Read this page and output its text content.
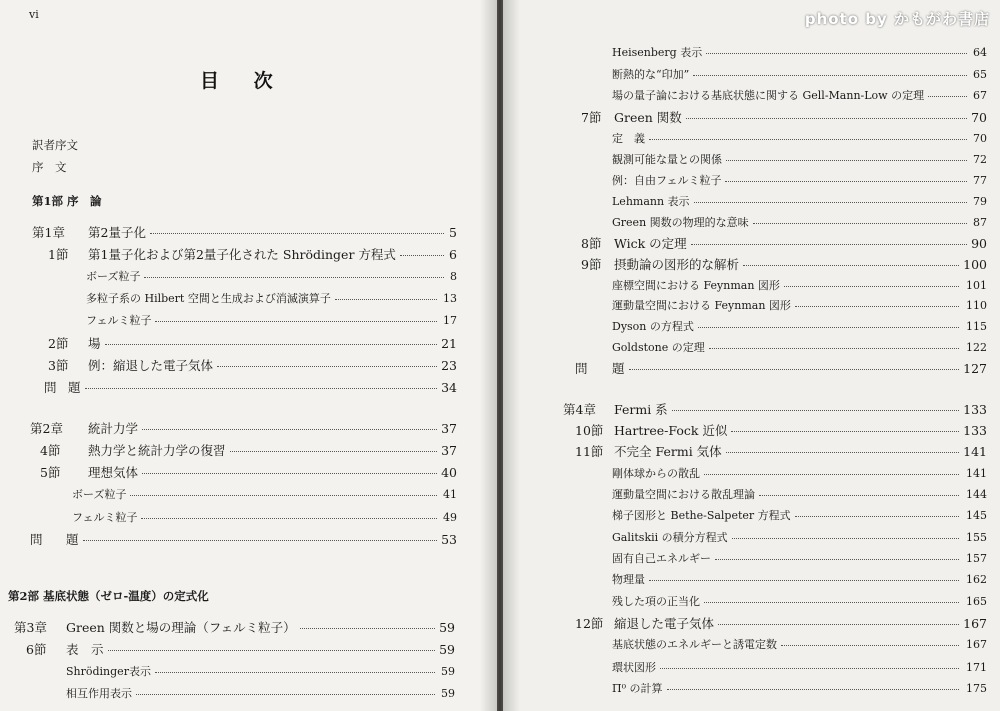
vi
目 次
訳者序文
序　文
第1部 序　論
第1章 第2量子化	5
1節 第1量子化および第2量子化された Shrödinger 方程式	6
ボーズ粒子	8
多粒子系の Hilbert 空間と生成および消滅演算子	13
フェルミ粒子	17
2節 場	21
3節 例：縮退した電子気体	23
問 題	34
第2章 統計力学	37
4節 熱力学と統計力学の復習	37
5節 理想気体	40
ボーズ粒子	41
フェルミ粒子	49
問 題	53
第2部 基底状態（ゼロ-温度）の定式化
第3章 Green 関数と場の理論（フェルミ粒子）	59
6節 表　示	59
Shrödinger表示	59
相互作用表示	59
photo by かもがわ書店
Heisenberg 表示	64
断熱的な“印加”	65
場の量子論における基底状態に関する Gell-Mann-Low の定理	67
7節 Green 関数	70
定　義	70
観測可能な量との関係	72
例：自由フェルミ粒子	77
Lehmann 表示	79
Green 関数の物理的な意味	87
8節 Wick の定理	90
9節 摂動論の図形的な解析	100
座標空間における Feynman 図形	101
運動量空間における Feynman 図形	110
Dyson の方程式	115
Goldstone の定理	122
問 題	127
第4章 Fermi 系	133
10節 Hartree-Fock 近似	133
11節 不完全 Fermi 気体	141
剛体球からの散乱	141
運動量空間における散乱理論	144
梯子図形と Bethe-Salpeter 方程式	145
Galitskii の積分方程式	155
固有自己エネルギー	157
物理量	162
残した項の正当化	165
12節 縮退した電子気体	167
基底状態のエネルギーと誘電定数	167
環状図形	171
Π⁰ の計算	175
